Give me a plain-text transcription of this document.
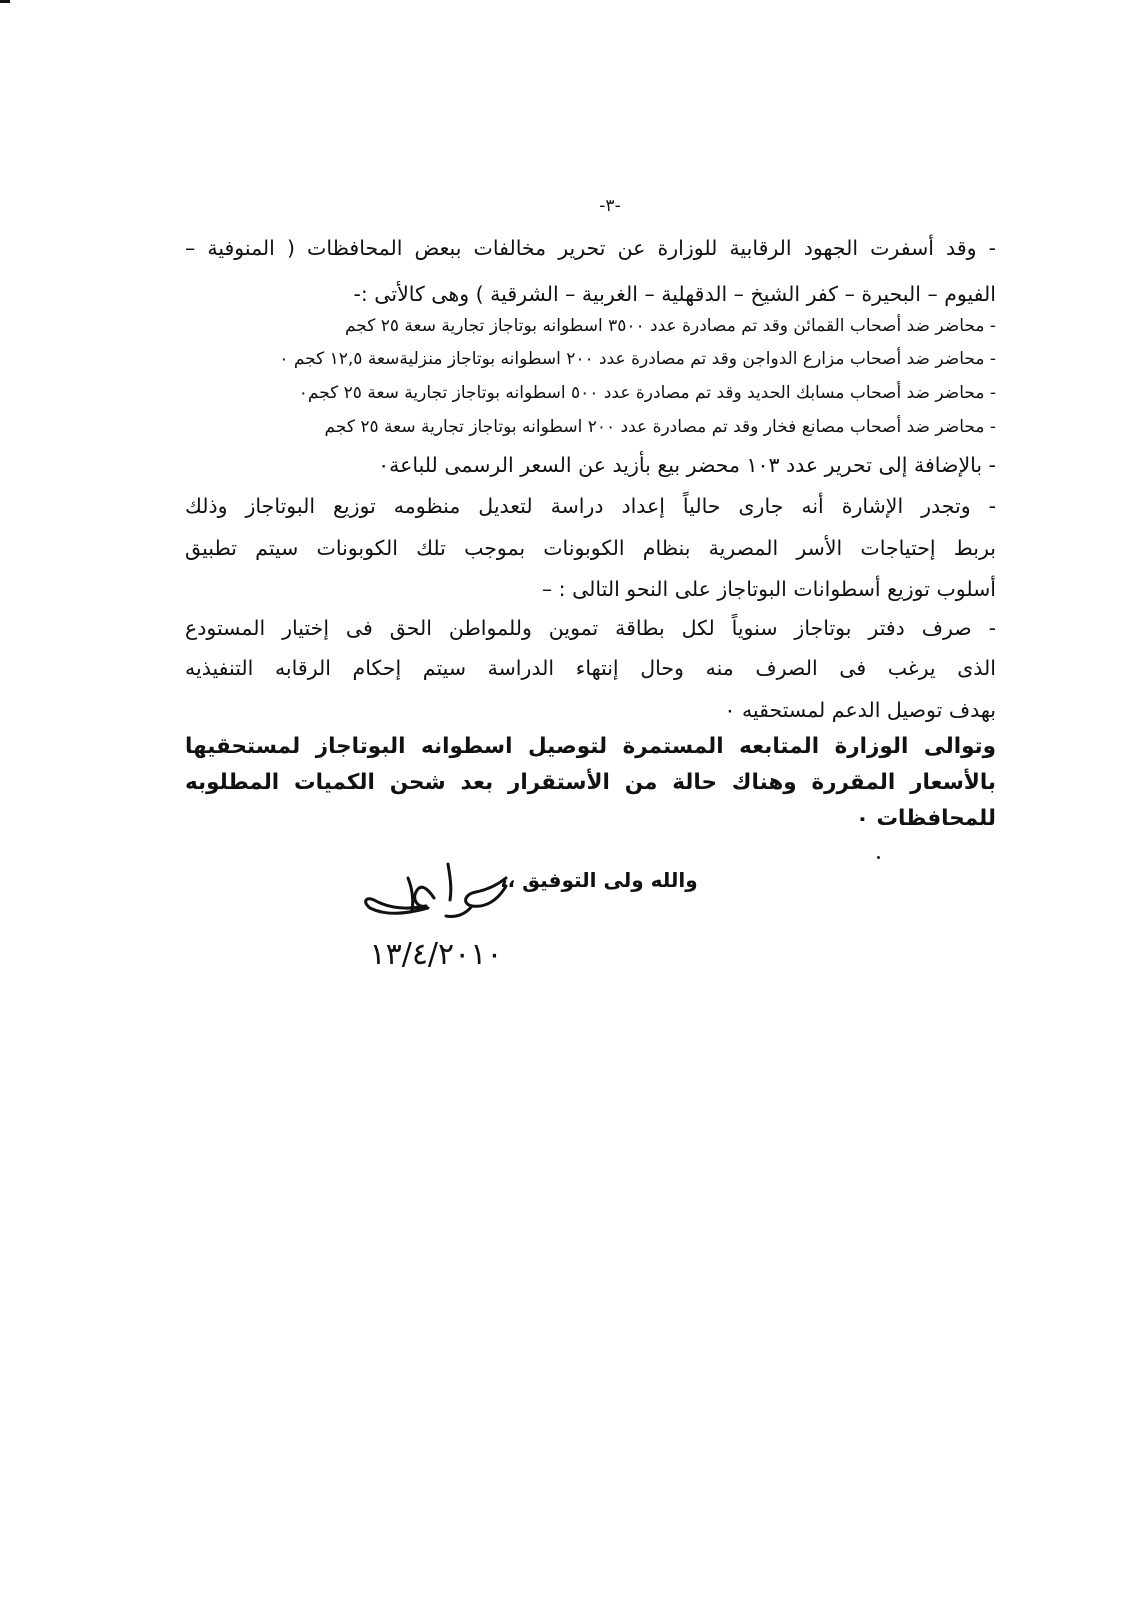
-٣-
- وقد أسفرت الجهود الرقابية للوزارة عن تحرير مخالفات ببعض المحافظات ( المنوفية –
الفيوم – البحيرة – كفر الشيخ – الدقهلية – الغربية – الشرقية ) وهى كالأتى :-
- محاضر ضد أصحاب القمائن وقد تم مصادرة عدد ٣٥٠٠ اسطوانه بوتاجاز تجارية سعة ٢٥ كجم
- محاضر ضد أصحاب مزارع الدواجن وقد تم مصادرة عدد ٢٠٠ اسطوانه بوتاجاز منزليةسعة ١٢,٥ كجم ٠
- محاضر ضد أصحاب مسابك الحديد وقد تم مصادرة عدد ٥٠٠ اسطوانه بوتاجاز تجارية سعة ٢٥ كجم٠
- محاضر ضد أصحاب مصانع فخار وقد تم مصادرة عدد ٢٠٠ اسطوانه بوتاجاز تجارية سعة ٢٥ كجم
- بالإضافة إلى تحرير عدد ١٠٣ محضر بيع بأزيد عن السعر الرسمى للباعة٠
- وتجدر الإشارة أنه جارى حالياً إعداد دراسة لتعديل منظومه توزيع البوتاجاز وذلك
بربط إحتياجات الأسر المصرية بنظام الكوبونات بموجب تلك الكوبونات سيتم تطبيق
أسلوب توزيع أسطوانات البوتاجاز على النحو التالى : –
- صرف دفتر بوتاجاز سنوياً لكل بطاقة تموين وللمواطن الحق فى إختيار المستودع
الذى يرغب فى الصرف منه وحال إنتهاء الدراسة سيتم إحكام الرقابه التنفيذيه
بهدف توصيل الدعم لمستحقيه ٠
وتوالى الوزارة المتابعه المستمرة لتوصيل اسطوانه البوتاجاز لمستحقيها
بالأسعار المقررة وهناك حالة من الأستقرار بعد شحن الكميات المطلوبه
للمحافظات ٠
والله ولى التوفيق ،،
١٣/٤/٢٠١٠
